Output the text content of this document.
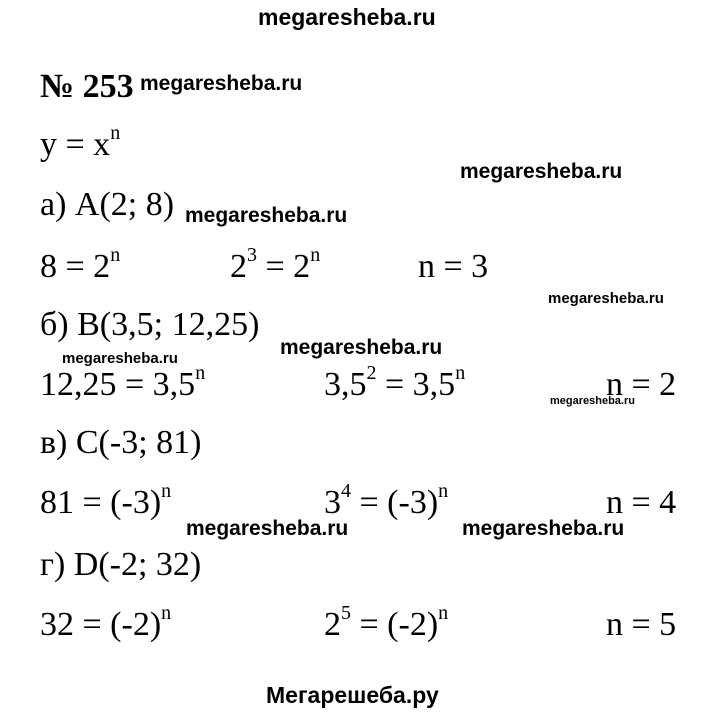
megaresheba.ru
№ 253 megaresheba.ru
$y = x^n$
megaresheba.ru
а) A(2; 8) megaresheba.ru
$8 = 2^n$	$2^3 = 2^n$	n = 3
megaresheba.ru
б) B(3,5; 12,25)
megaresheba.ru
megaresheba.ru
$12,25 = 3,5^n$	$3,5^2 = 3,5^n$	n = 2
megaresheba.ru
в) C(-3; 81)
$81 = (-3)^n$	$3^4 = (-3)^n$	n = 4
megaresheba.ru	megaresheba.ru
г) D(-2; 32)
$32 = (-2)^n$	$2^5 = (-2)^n$	n = 5
Мегарешеба.ру
